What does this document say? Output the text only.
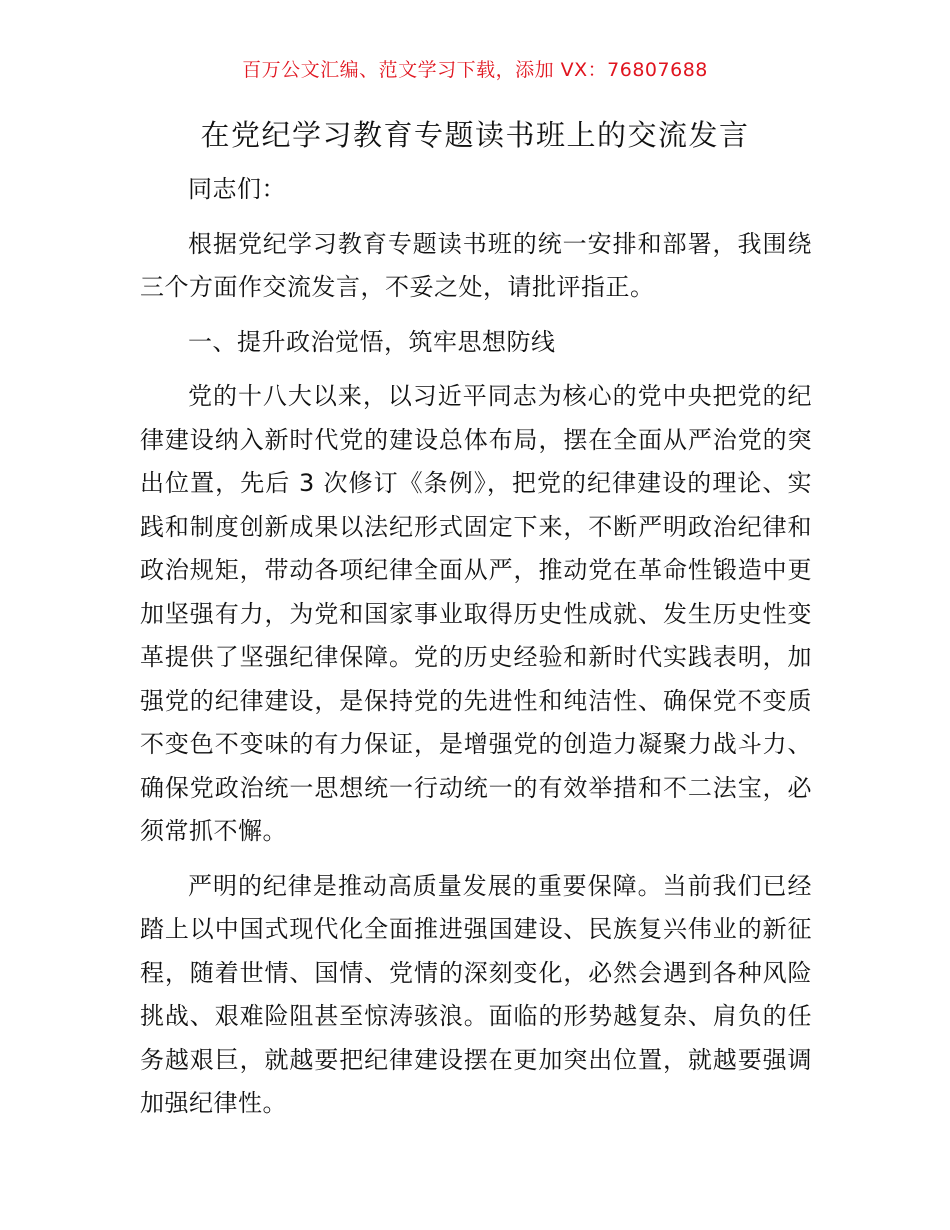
百万公文汇编、范文学习下载，添加 VX：76807688
在党纪学习教育专题读书班上的交流发言

同志们：

根据党纪学习教育专题读书班的统一安排和部署，我围绕三个方面作交流发言，不妥之处，请批评指正。

一、提升政治觉悟，筑牢思想防线

党的十八大以来，以习近平同志为核心的党中央把党的纪律建设纳入新时代党的建设总体布局，摆在全面从严治党的突出位置，先后 3 次修订《条例》，把党的纪律建设的理论、实践和制度创新成果以法纪形式固定下来，不断严明政治纪律和政治规矩，带动各项纪律全面从严，推动党在革命性锻造中更加坚强有力，为党和国家事业取得历史性成就、发生历史性变革提供了坚强纪律保障。党的历史经验和新时代实践表明，加强党的纪律建设，是保持党的先进性和纯洁性、确保党不变质不变色不变味的有力保证，是增强党的创造力凝聚力战斗力、确保党政治统一思想统一行动统一的有效举措和不二法宝，必须常抓不懈。

严明的纪律是推动高质量发展的重要保障。当前我们已经踏上以中国式现代化全面推进强国建设、民族复兴伟业的新征程，随着世情、国情、党情的深刻变化，必然会遇到各种风险挑战、艰难险阻甚至惊涛骇浪。面临的形势越复杂、肩负的任务越艰巨，就越要把纪律建设摆在更加突出位置，就越要强调加强纪律性。
